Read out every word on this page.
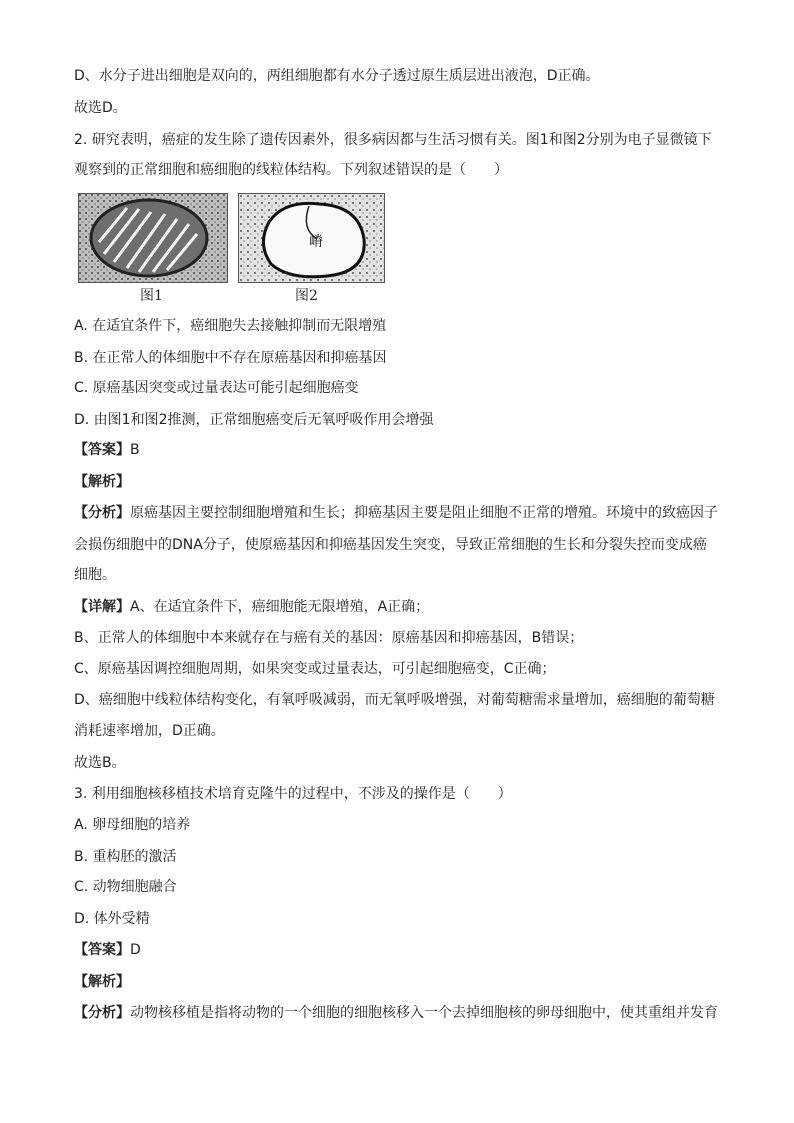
D、水分子进出细胞是双向的，两组细胞都有水分子透过原生质层进出液泡，D正确。
故选D。
2. 研究表明，癌症的发生除了遗传因素外，很多病因都与生活习惯有关。图1和图2分别为电子显微镜下
观察到的正常细胞和癌细胞的线粒体结构。下列叙述错误的是（　　）
嵴
图1	图2
A. 在适宜条件下，癌细胞失去接触抑制而无限增殖
B. 在正常人的体细胞中不存在原癌基因和抑癌基因
C. 原癌基因突变或过量表达可能引起细胞癌变
D. 由图1和图2推测，正常细胞癌变后无氧呼吸作用会增强
【答案】B
【解析】
【分析】原癌基因主要控制细胞增殖和生长；抑癌基因主要是阻止细胞不正常的增殖。环境中的致癌因子
会损伤细胞中的DNA分子，使原癌基因和抑癌基因发生突变，导致正常细胞的生长和分裂失控而变成癌
细胞。
【详解】A、在适宜条件下，癌细胞能无限增殖，A正确；
B、正常人的体细胞中本来就存在与癌有关的基因：原癌基因和抑癌基因，B错误；
C、原癌基因调控细胞周期，如果突变或过量表达，可引起细胞癌变，C正确；
D、癌细胞中线粒体结构变化，有氧呼吸减弱，而无氧呼吸增强，对葡萄糖需求量增加，癌细胞的葡萄糖
消耗速率增加，D正确。
故选B。
3. 利用细胞核移植技术培育克隆牛的过程中，不涉及的操作是（　　）
A. 卵母细胞的培养
B. 重构胚的激活
C. 动物细胞融合
D. 体外受精
【答案】D
【解析】
【分析】动物核移植是指将动物的一个细胞的细胞核移入一个去掉细胞核的卵母细胞中，使其重组并发育
